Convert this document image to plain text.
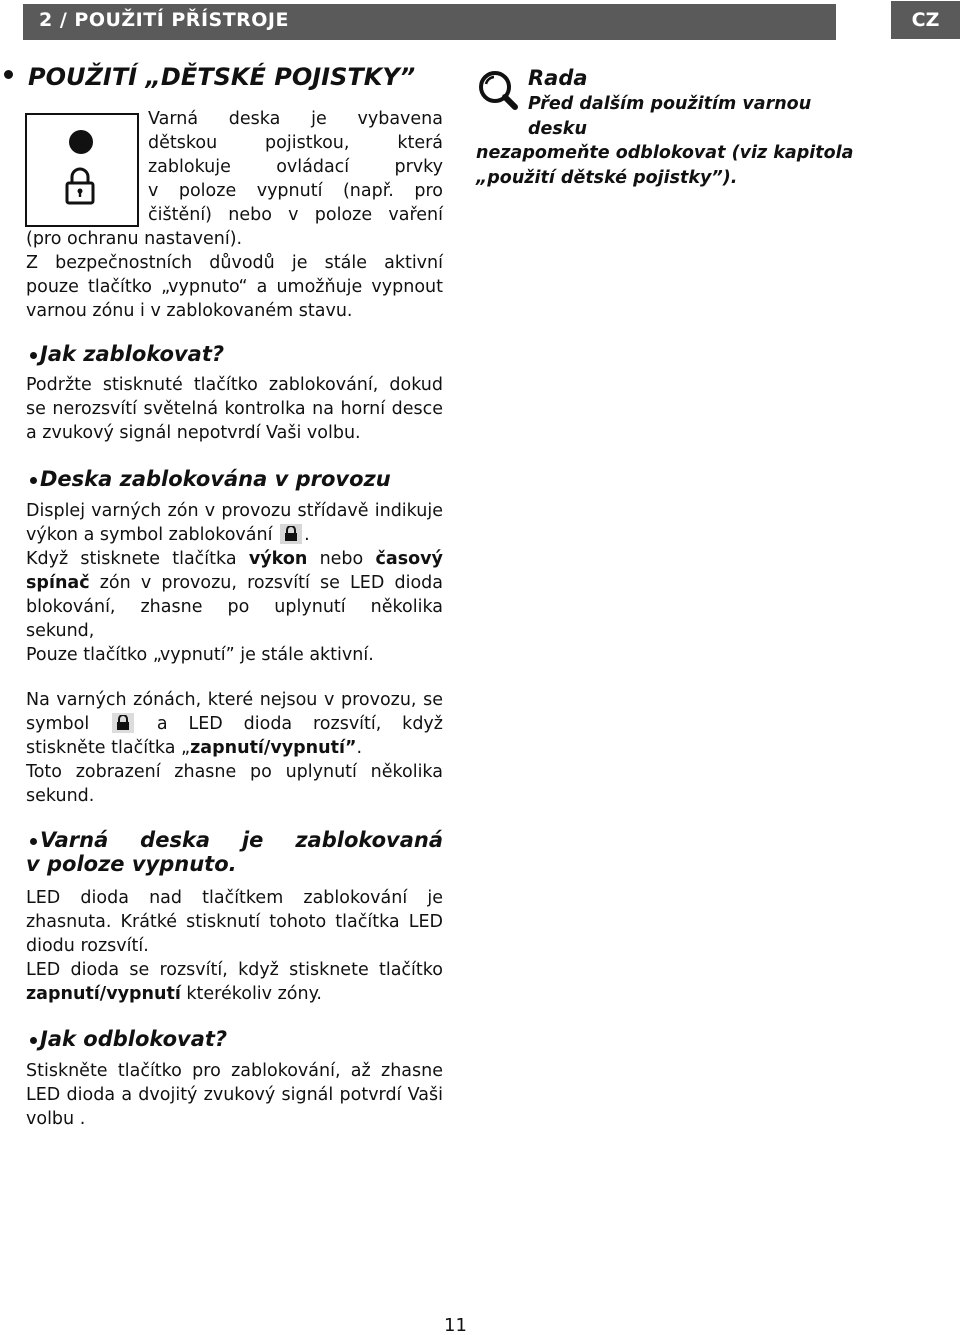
2 / POUŽITÍ PŘÍSTROJE	CZ
POUŽITÍ „DĚTSKÉ POJISTKY”
Varná deska je vybavena
dětskou pojistkou, která
zablokuje ovládací prvky
v poloze vypnutí (např. pro
čištění) nebo v poloze vaření
(pro ochranu nastavení).
Z bezpečnostních důvodů je stále aktivní
pouze tlačítko „vypnuto“ a umožňuje vypnout
varnou zónu i v zablokovaném stavu.
Jak zablokovat?
Podržte stisknuté tlačítko zablokování, dokud
se nerozsvítí světelná kontrolka na horní desce
a zvukový signál nepotvrdí Vaši volbu.
Deska zablokována v provozu
Displej varných zón v provozu střídavě indikuje
výkon a symbol zablokování .
Když stisknete tlačítka výkon nebo časový
spínač zón v provozu, rozsvítí se LED dioda
blokování, zhasne po uplynutí několika
sekund,
Pouze tlačítko „vypnutí” je stále aktivní.
Na varných zónách, které nejsou v provozu, se
symbol	a LED dioda rozsvítí, když
stiskněte tlačítka „zapnutí/vypnutí”.
Toto zobrazení zhasne po uplynutí několika
sekund.
Varná deska je zablokovaná
v poloze vypnuto.
LED dioda nad tlačítkem zablokování je
zhasnuta. Krátké stisknutí tohoto tlačítka LED
diodu rozsvítí.
LED dioda se rozsvítí, když stisknete tlačítko
zapnutí/vypnutí kterékoliv zóny.
Jak odblokovat?
Stiskněte tlačítko pro zablokování, až zhasne
LED dioda a dvojitý zvukový signál potvrdí Vaši
volbu .
Rada
Před dalším použitím varnou desku
nezapomeňte odblokovat (viz kapitola
„použití dětské pojistky”).
11
